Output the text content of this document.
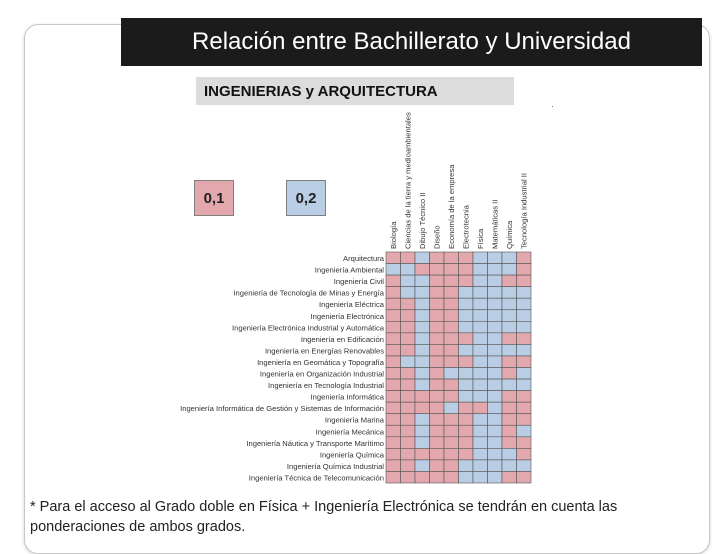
Relación entre Bachillerato y Universidad
INGENIERIAS y ARQUITECTURA
0,1	0,2
Arquitectura
Ingeniería Ambiental
Ingeniería Civil
Ingeniería de Tecnología de Minas y Energía
Ingeniería Eléctrica
Ingeniería Electrónica
Ingeniería Electrónica Industrial y Automática
Ingeniería en Edificación
Ingeniería en Energías Renovables
Ingeniería en Geomática y Topografía
Ingeniería en Organización Industrial
Ingeniería en Tecnología Industrial
Ingeniería Informática
Ingeniería Informática de Gestión y Sistemas de Información
Ingeniería Marina
Ingeniería Mecánica
Ingeniería Náutica y Transporte Marítimo
Ingeniería Química
Ingeniería Química Industrial
Ingeniería Técnica de Telecomunicación
Biología Ciencias de la tierra y medioambientales Dibujo Técnico II Diseño Economía de la empresa Electrotecnia Física Matemáticas II Química Tecnología Industrial II
* Para el acceso al Grado doble en Física + Ingeniería Electrónica se tendrán en cuenta las ponderaciones de ambos grados.
